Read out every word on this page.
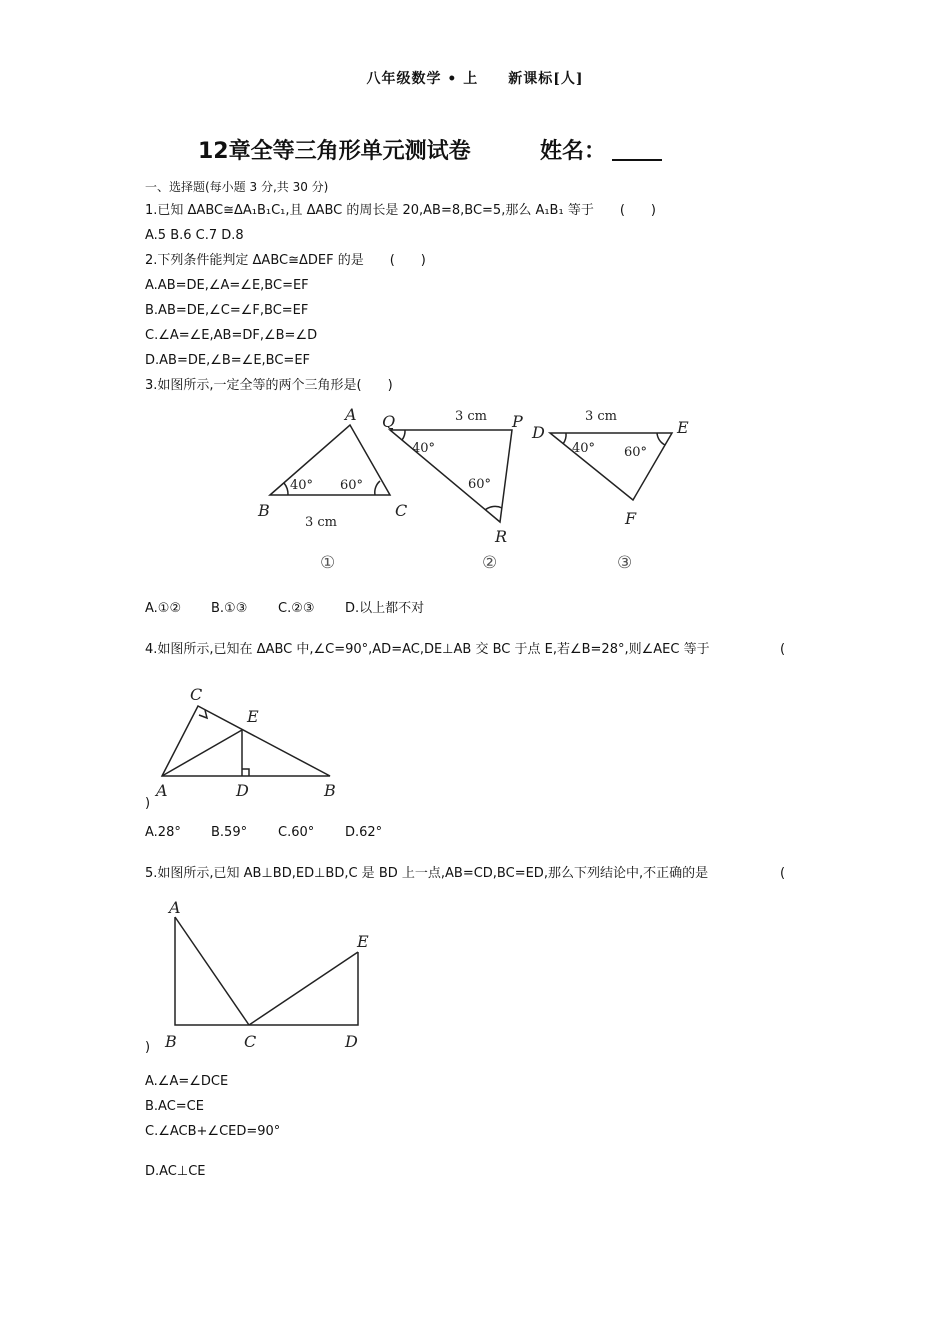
八年级数学 • 上　　新课标[人]
12章全等三角形单元测试卷	姓名：
一、选择题(每小题 3 分,共 30 分)
1.已知 ΔABC≅ΔA₁B₁C₁,且 ΔABC 的周长是 20,AB=8,BC=5,那么 A₁B₁ 等于　　(　　)
A.5 B.6 C.7 D.8
2.下列条件能判定 ΔABC≅ΔDEF 的是　　(　　)
A.AB=DE,∠A=∠E,BC=EF
B.AB=DE,∠C=∠F,BC=EF
C.∠A=∠E,AB=DF,∠B=∠D
D.AB=DE,∠B=∠E,BC=EF
3.如图所示,一定全等的两个三角形是(　　)
A
B	C
Q	P
R
D	E
F
40° 60°
3 cm
40°
60°
3 cm
40° 60°
3 cm
①	②	③
A.①② B.①③ C.②③ D.以上都不对
4.如图所示,已知在 ΔABC 中,∠C=90°,AD=AC,DE⊥AB 交 BC 于点 E,若∠B=28°,则∠AEC 等于	(
C
E
A	D	B
)
A.28° B.59° C.60° D.62°
5.如图所示,已知 AB⊥BD,ED⊥BD,C 是 BD 上一点,AB=CD,BC=ED,那么下列结论中,不正确的是	(
A
E
B	C	D
)
A.∠A=∠DCE
B.AC=CE
C.∠ACB+∠CED=90°
D.AC⊥CE
